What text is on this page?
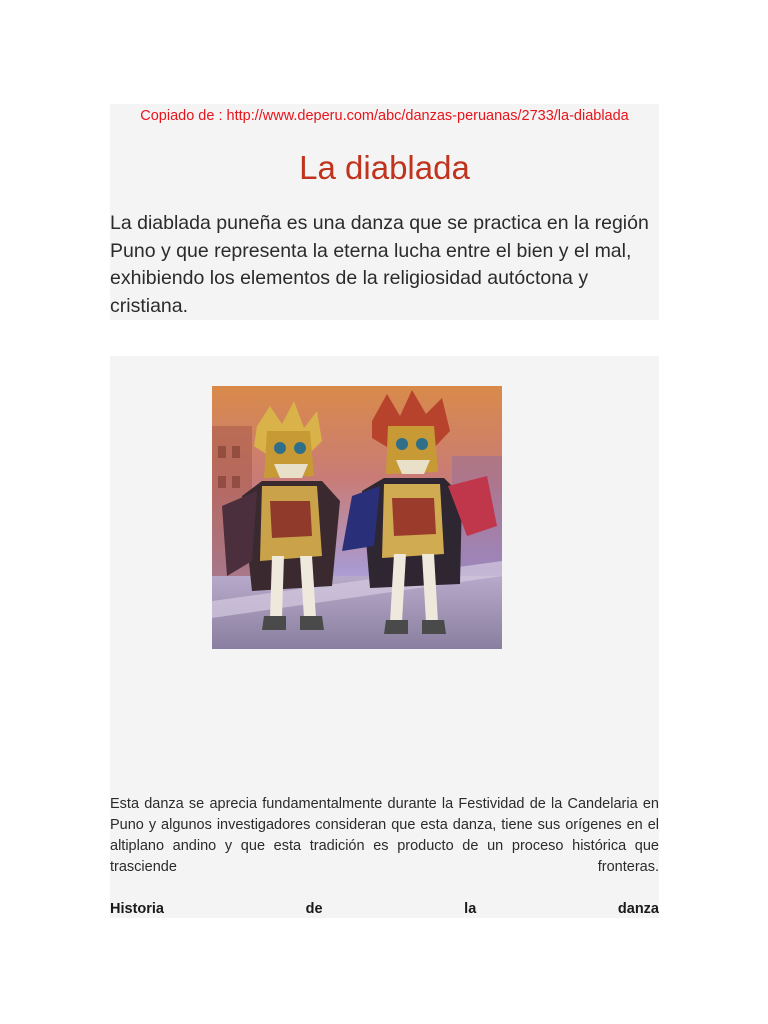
Copiado de : http://www.deperu.com/abc/danzas-peruanas/2733/la-diablada
La diablada

La diablada puneña es una danza que se practica en la región Puno y que representa la eterna lucha entre el bien y el mal, exhibiendo los elementos de la religiosidad autóctona y cristiana.

Esta danza se aprecia fundamentalmente durante la Festividad de la Candelaria en Puno y algunos investigadores consideran que esta danza, tiene sus orígenes en el altiplano andino y que esta tradición es producto de un proceso histórica que trasciende fronteras.

Historia de la danza
